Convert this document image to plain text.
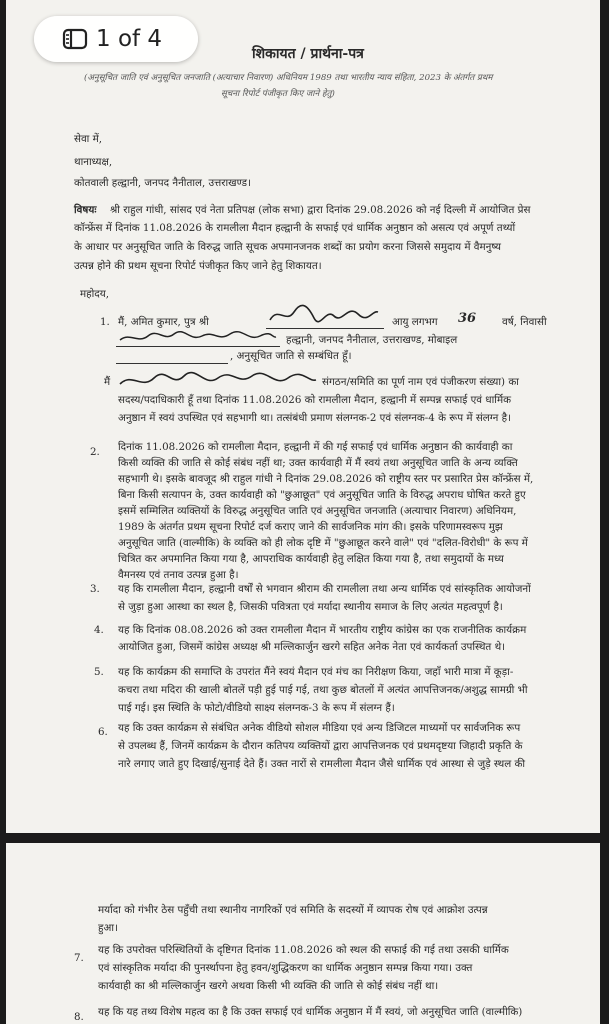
शिकायत / प्रार्थना-पत्र
(अनुसूचित जाति एवं अनुसूचित जनजाति (अत्याचार निवारण) अधिनियम 1989 तथा भारतीय न्याय संहिता, 2023 के अंतर्गत प्रथम
सूचना रिपोर्ट पंजीकृत किए जाने हेतु)
सेवा में,
थानाध्यक्ष,
कोतवाली हल्द्वानी, जनपद नैनीताल, उत्तराखण्ड।
विषयः श्री राहुल गांधी, सांसद एवं नेता प्रतिपक्ष (लोक सभा) द्वारा दिनांक 29.08.2026 को नई दिल्ली में आयोजित प्रेस
कॉन्फ्रेंस में दिनांक 11.08.2026 के रामलीला मैदान हल्द्वानी के सफाई एवं धार्मिक अनुष्ठान को असत्य एवं अपूर्ण तथ्यों
के आधार पर अनुसूचित जाति के विरुद्ध जाति सूचक अपमानजनक शब्दों का प्रयोग करना जिससे समुदाय में वैमनुष्य
उत्पन्न होने की प्रथम सूचना रिपोर्ट पंजीकृत किए जाने हेतु शिकायत।
महोदय,
1. मैं, अमित कुमार, पुत्र श्री	आयु लगभग 36	वर्ष, निवासी
हल्द्वानी, जनपद नैनीताल, उत्तराखण्ड, मोबाइल
, अनुसूचित जाति से सम्बंधित हूँ।
मैं	संगठन/समिति का पूर्ण नाम एवं पंजीकरण संख्या) का
सदस्य/पदाधिकारी हूँ तथा दिनांक 11.08.2026 को रामलीला मैदान, हल्द्वानी में सम्पन्न सफाई एवं धार्मिक
अनुष्ठान में स्वयं उपस्थित एवं सहभागी था। तत्संबंधी प्रमाण संलग्नक-2 एवं संलग्नक-4 के रूप में संलग्न है।
2. दिनांक 11.08.2026 को रामलीला मैदान, हल्द्वानी में की गई सफाई एवं धार्मिक अनुष्ठान की कार्यवाही का
किसी व्यक्ति की जाति से कोई संबंध नहीं था; उक्त कार्यवाही में मैं स्वयं तथा अनुसूचित जाति के अन्य व्यक्ति
सहभागी थे। इसके बावजूद श्री राहुल गांधी ने दिनांक 29.08.2026 को राष्ट्रीय स्तर पर प्रसारित प्रेस कॉन्फ्रेंस में,
बिना किसी सत्यापन के, उक्त कार्यवाही को "छुआछूत" एवं अनुसूचित जाति के विरुद्ध अपराध घोषित करते हुए
इसमें सम्मिलित व्यक्तियों के विरुद्ध अनुसूचित जाति एवं अनुसूचित जनजाति (अत्याचार निवारण) अधिनियम,
1989 के अंतर्गत प्रथम सूचना रिपोर्ट दर्ज कराए जाने की सार्वजनिक मांग की। इसके परिणामस्वरूप मुझ
अनुसूचित जाति (वाल्मीकि) के व्यक्ति को ही लोक दृष्टि में "छुआछूत करने वाले" एवं "दलित-विरोधी" के रूप में
चित्रित कर अपमानित किया गया है, आपराधिक कार्यवाही हेतु लक्षित किया गया है, तथा समुदायों के मध्य
वैमनस्य एवं तनाव उत्पन्न हुआ है।
3. यह कि रामलीला मैदान, हल्द्वानी वर्षों से भगवान श्रीराम की रामलीला तथा अन्य धार्मिक एवं सांस्कृतिक आयोजनों
से जुड़ा हुआ आस्था का स्थल है, जिसकी पवित्रता एवं मर्यादा स्थानीय समाज के लिए अत्यंत महत्वपूर्ण है।
4. यह कि दिनांक 08.08.2026 को उक्त रामलीला मैदान में भारतीय राष्ट्रीय कांग्रेस का एक राजनीतिक कार्यक्रम
आयोजित हुआ, जिसमें कांग्रेस अध्यक्ष श्री मल्लिकार्जुन खरगे सहित अनेक नेता एवं कार्यकर्ता उपस्थित थे।
5. यह कि कार्यक्रम की समाप्ति के उपरांत मैंने स्वयं मैदान एवं मंच का निरीक्षण किया, जहाँ भारी मात्रा में कूड़ा-
कचरा तथा मदिरा की खाली बोतलें पड़ी हुई पाई गई, तथा कुछ बोतलों में अत्यंत आपत्तिजनक/अशुद्ध सामग्री भी
पाई गई। इस स्थिति के फोटो/वीडियो साक्ष्य संलग्नक-3 के रूप में संलग्न हैं।
6. यह कि उक्त कार्यक्रम से संबंधित अनेक वीडियो सोशल मीडिया एवं अन्य डिजिटल माध्यमों पर सार्वजनिक रूप
से उपलब्ध हैं, जिनमें कार्यक्रम के दौरान कतिपय व्यक्तियों द्वारा आपत्तिजनक एवं प्रथमदृष्टया जिहादी प्रकृति के
नारे लगाए जाते हुए दिखाई/सुनाई देते हैं। उक्त नारों से रामलीला मैदान जैसे धार्मिक एवं आस्था से जुड़े स्थल की
1 of 4
मर्यादा को गंभीर ठेस पहुँची तथा स्थानीय नागरिकों एवं समिति के सदस्यों में व्यापक रोष एवं आक्रोश उत्पन्न
हुआ।
7.
यह कि उपरोक्त परिस्थितियों के दृष्टिगत दिनांक 11.08.2026 को स्थल की सफाई की गई तथा उसकी धार्मिक
एवं सांस्कृतिक मर्यादा की पुनर्स्थापना हेतु हवन/शुद्धिकरण का धार्मिक अनुष्ठान सम्पन्न किया गया। उक्त
कार्यवाही का श्री मल्लिकार्जुन खरगे अथवा किसी भी व्यक्ति की जाति से कोई संबंध नहीं था।
8. यह कि यह तथ्य विशेष महत्व का है कि उक्त सफाई एवं धार्मिक अनुष्ठान में मैं स्वयं, जो अनुसूचित जाति (वाल्मीकि)
